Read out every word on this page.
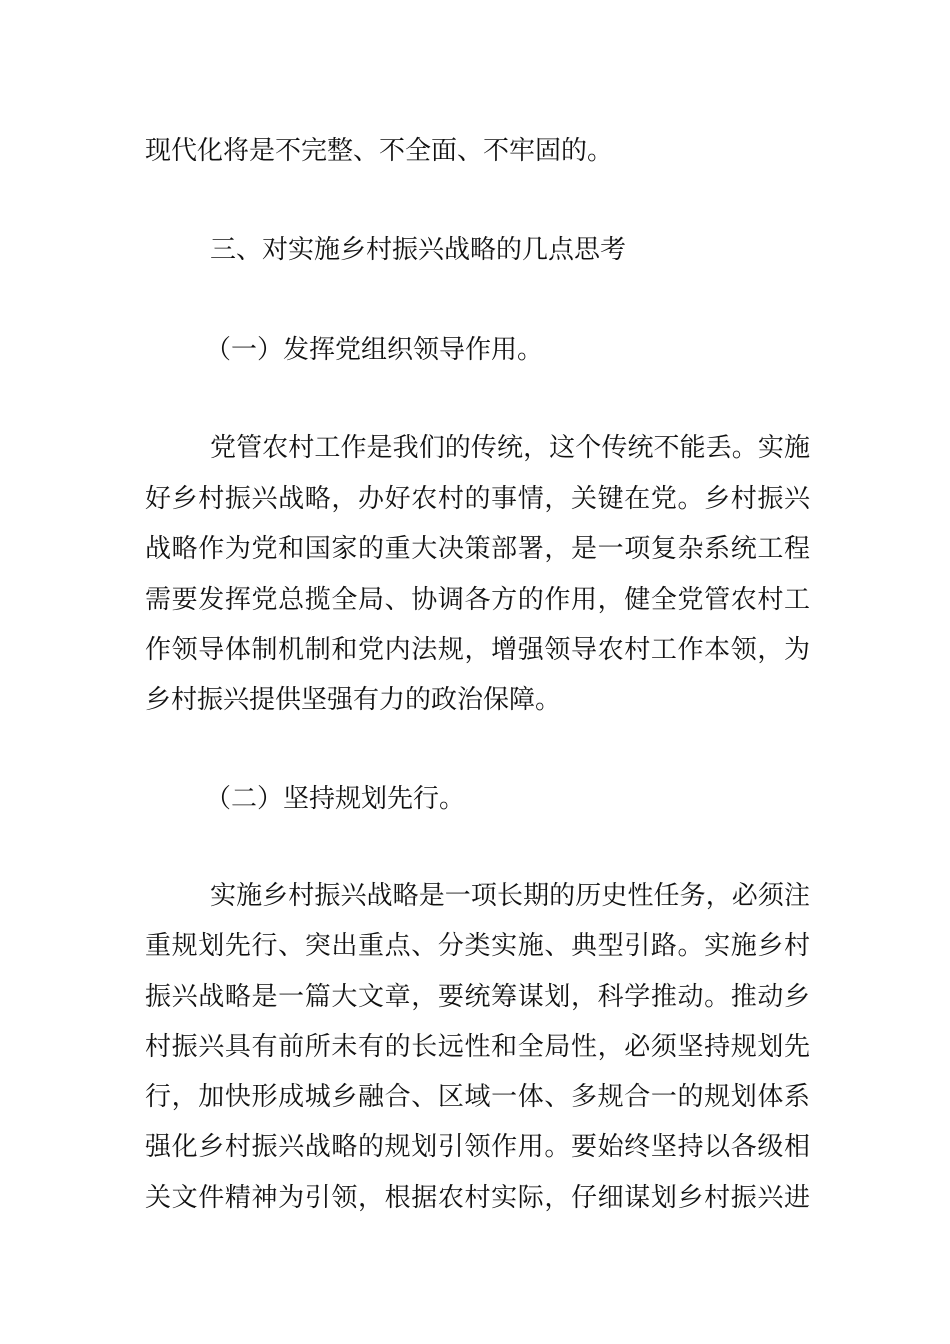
现代化将是不完整、不全面、不牢固的。
三、对实施乡村振兴战略的几点思考
（一）发挥党组织领导作用。
党管农村工作是我们的传统，这个传统不能丢。实施
好乡村振兴战略，办好农村的事情，关键在党。乡村振兴
战略作为党和国家的重大决策部署，是一项复杂系统工程
需要发挥党总揽全局、协调各方的作用，健全党管农村工
作领导体制机制和党内法规，增强领导农村工作本领，为
乡村振兴提供坚强有力的政治保障。
（二）坚持规划先行。
实施乡村振兴战略是一项长期的历史性任务，必须注
重规划先行、突出重点、分类实施、典型引路。实施乡村
振兴战略是一篇大文章，要统筹谋划，科学推动。推动乡
村振兴具有前所未有的长远性和全局性，必须坚持规划先
行，加快形成城乡融合、区域一体、多规合一的规划体系
强化乡村振兴战略的规划引领作用。要始终坚持以各级相
关文件精神为引领，根据农村实际，仔细谋划乡村振兴进
